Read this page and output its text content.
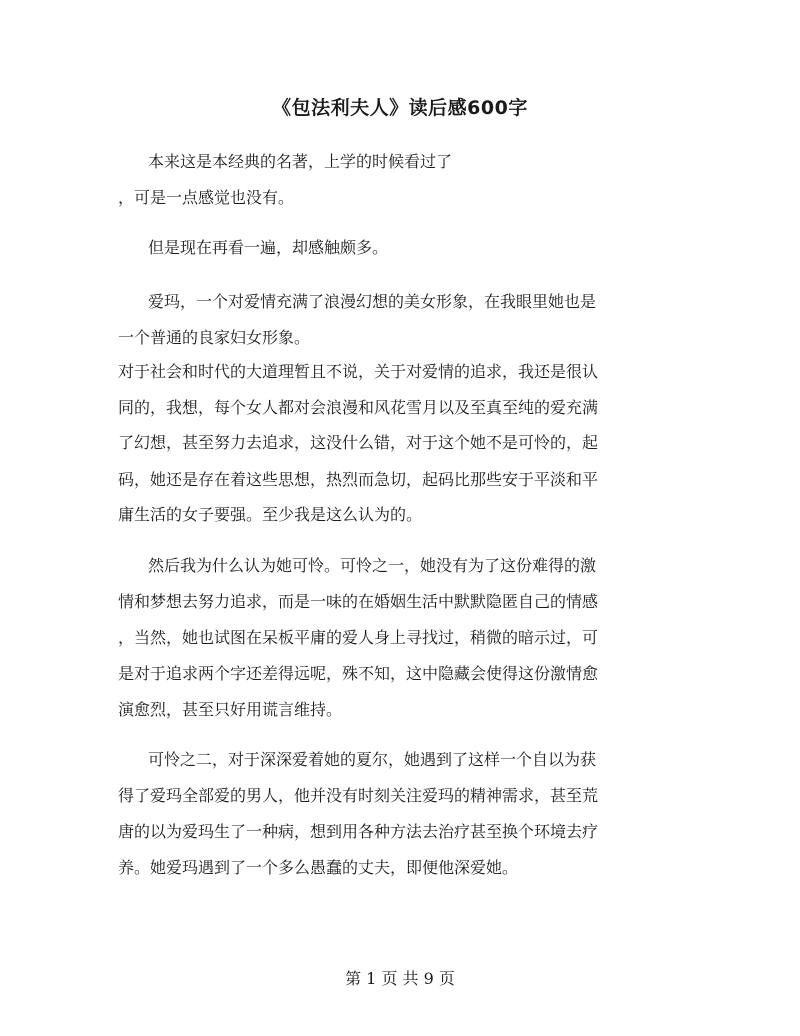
《包法利夫人》读后感600字

本来这是本经典的名著，上学的时候看过了

，可是一点感觉也没有。

但是现在再看一遍，却感触颇多。

爱玛，一个对爱情充满了浪漫幻想的美女形象，在我眼里她也是

一个普通的良家妇女形象。

对于社会和时代的大道理暂且不说，关于对爱情的追求，我还是很认

同的，我想，每个女人都对会浪漫和风花雪月以及至真至纯的爱充满

了幻想，甚至努力去追求，这没什么错，对于这个她不是可怜的，起

码，她还是存在着这些思想，热烈而急切，起码比那些安于平淡和平

庸生活的女子要强。至少我是这么认为的。

然后我为什么认为她可怜。可怜之一，她没有为了这份难得的激

情和梦想去努力追求，而是一味的在婚姻生活中默默隐匿自己的情感

，当然，她也试图在呆板平庸的爱人身上寻找过，稍微的暗示过，可

是对于追求两个字还差得远呢，殊不知，这中隐藏会使得这份激情愈

演愈烈，甚至只好用谎言维持。

可怜之二，对于深深爱着她的夏尔，她遇到了这样一个自以为获

得了爱玛全部爱的男人，他并没有时刻关注爱玛的精神需求，甚至荒

唐的以为爱玛生了一种病，想到用各种方法去治疗甚至换个环境去疗

养。她爱玛遇到了一个多么愚蠢的丈夫，即便他深爱她。

第 1 页 共 9 页
